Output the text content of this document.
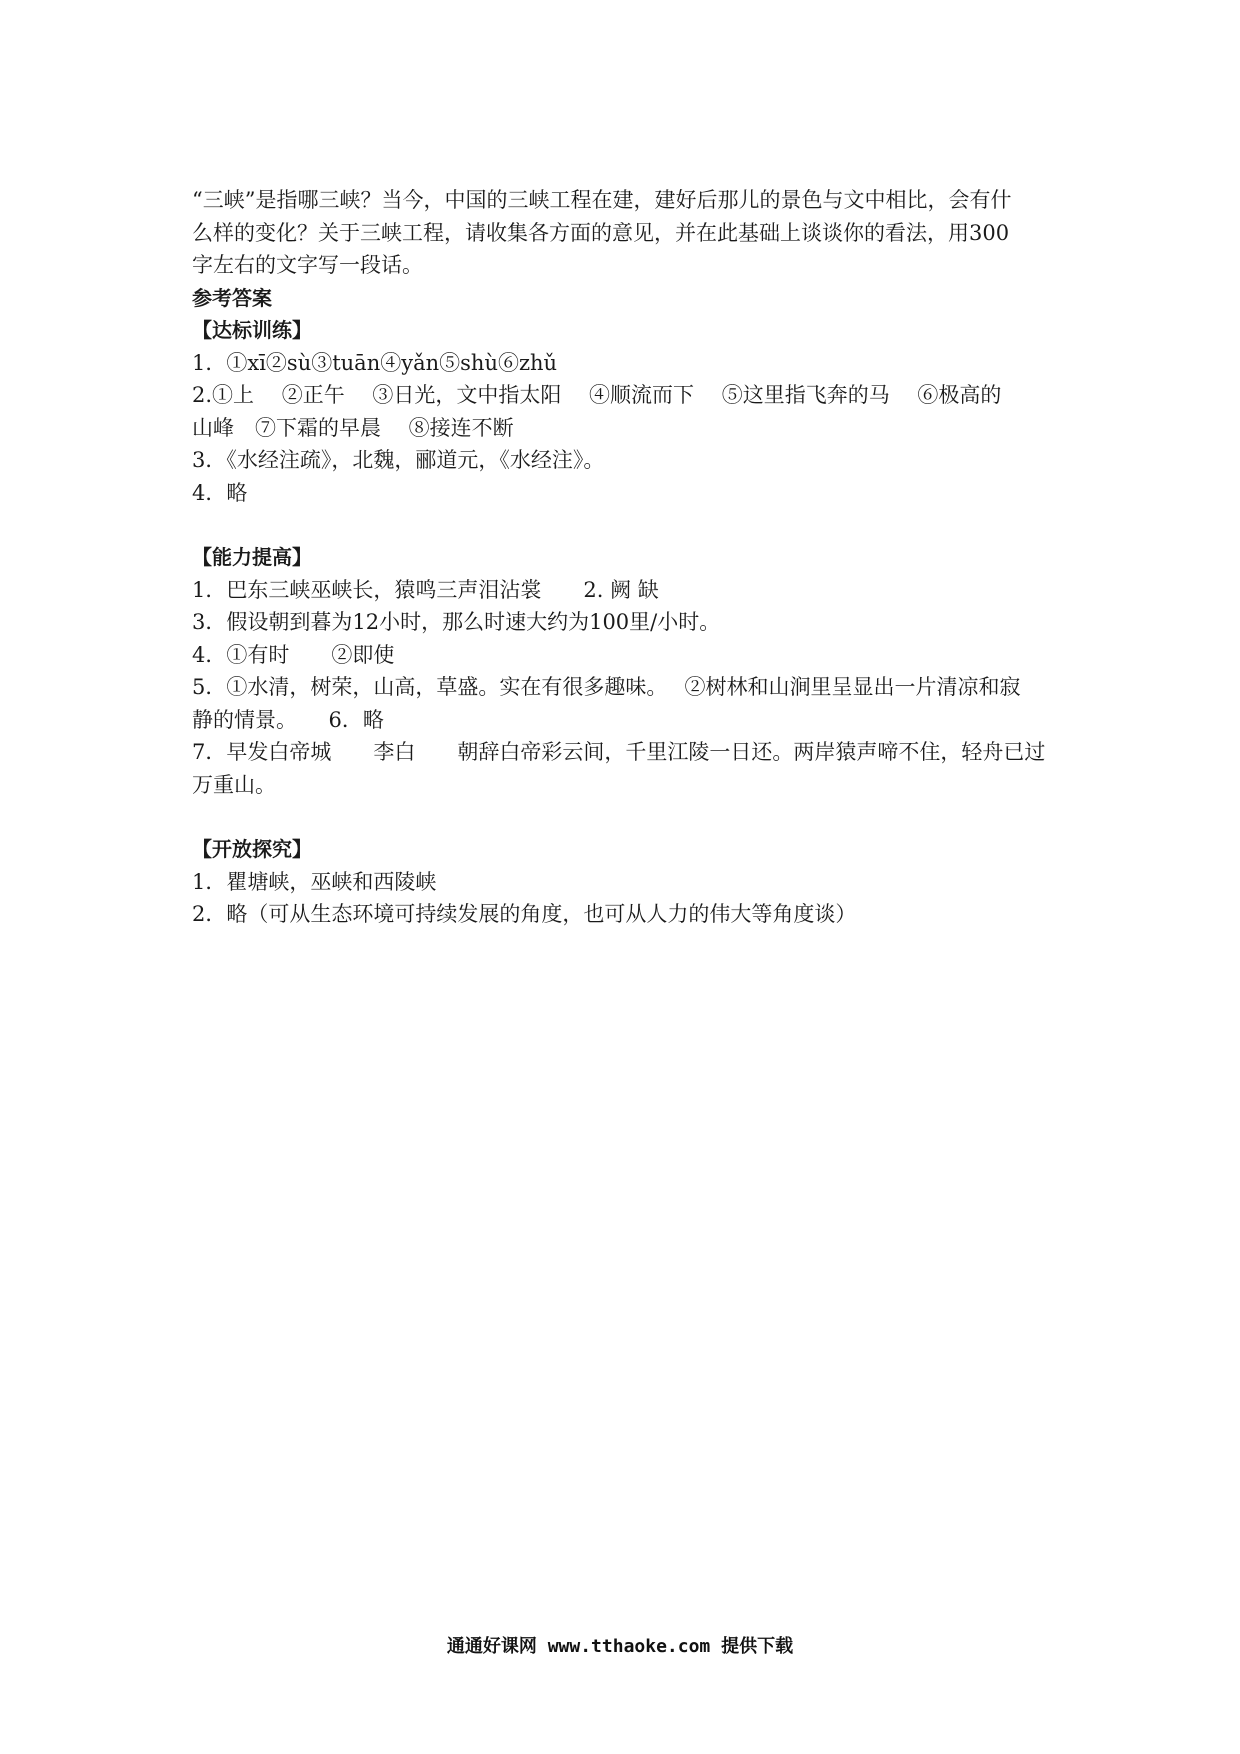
“三峡”是指哪三峡？当今，中国的三峡工程在建，建好后那儿的景色与文中相比，会有什
么样的变化？关于三峡工程，请收集各方面的意见，并在此基础上谈谈你的看法，用300
字左右的文字写一段话。
参考答案
【达标训练】
1．①xī②sù③tuān④yǎn⑤shù⑥zhǔ
2.①上　 ②正午　 ③日光，文中指太阳　 ④顺流而下　 ⑤这里指飞奔的马　 ⑥极高的
山峰　⑦下霜的早晨　 ⑧接连不断
3．《水经注疏》，北魏，郦道元，《水经注》。
4．略
【能力提高】
1．巴东三峡巫峡长，猿鸣三声泪沾裳　　2. 阙 缺
3．假设朝到暮为12小时，那么时速大约为100里/小时。
4．①有时　　②即使
5．①水清，树荣，山高，草盛。实在有很多趣味。　 ②树林和山涧里呈显出一片清凉和寂
静的情景。　　6．略
7．早发白帝城　　李白　　朝辞白帝彩云间，千里江陵一日还。两岸猿声啼不住，轻舟已过
万重山。
【开放探究】
1．瞿塘峡，巫峡和西陵峡
2．略（可从生态环境可持续发展的角度，也可从人力的伟大等角度谈）
通通好课网 www.tthaoke.com 提供下载
